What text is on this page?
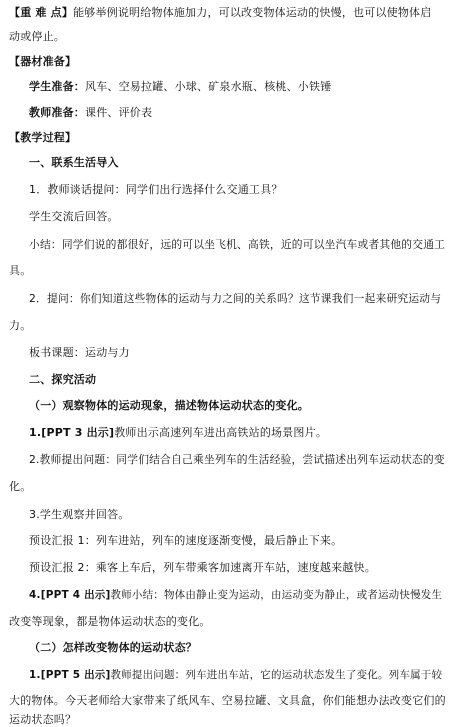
【重 难 点】能够举例说明给物体施加力，可以改变物体运动的快慢，也可以使物体启
动或停止。
【器材准备】
学生准备：风车、空易拉罐、小球、矿泉水瓶、核桃、小铁锤
教师准备：课件、评价表
【教学过程】
一、联系生活导入
1．教师谈话提问：同学们出行选择什么交通工具？
学生交流后回答。
小结：同学们说的都很好，远的可以坐飞机、高铁，近的可以坐汽车或者其他的交通工
具。
2．提问：你们知道这些物体的运动与力之间的关系吗？这节课我们一起来研究运动与
力。
板书课题：运动与力
二、探究活动
（一）观察物体的运动现象，描述物体运动状态的变化。
1.[PPT 3 出示]教师出示高速列车进出高铁站的场景图片。
2.教师提出问题：同学们结合自己乘坐列车的生活经验，尝试描述出列车运动状态的变
化。
3.学生观察并回答。
预设汇报 1：列车进站，列车的速度逐渐变慢，最后静止下来。
预设汇报 2：乘客上车后，列车带乘客加速离开车站，速度越来越快。
4.[PPT 4 出示]教师小结：物体由静止变为运动，由运动变为静止，或者运动快慢发生
改变等现象，都是物体运动状态的变化。
（二）怎样改变物体的运动状态？
1.[PPT 5 出示]教师提出问题：列车进出车站，它的运动状态发生了变化。列车属于较
大的物体。今天老师给大家带来了纸风车、空易拉罐、文具盒，你们能想办法改变它们的
运动状态吗？
